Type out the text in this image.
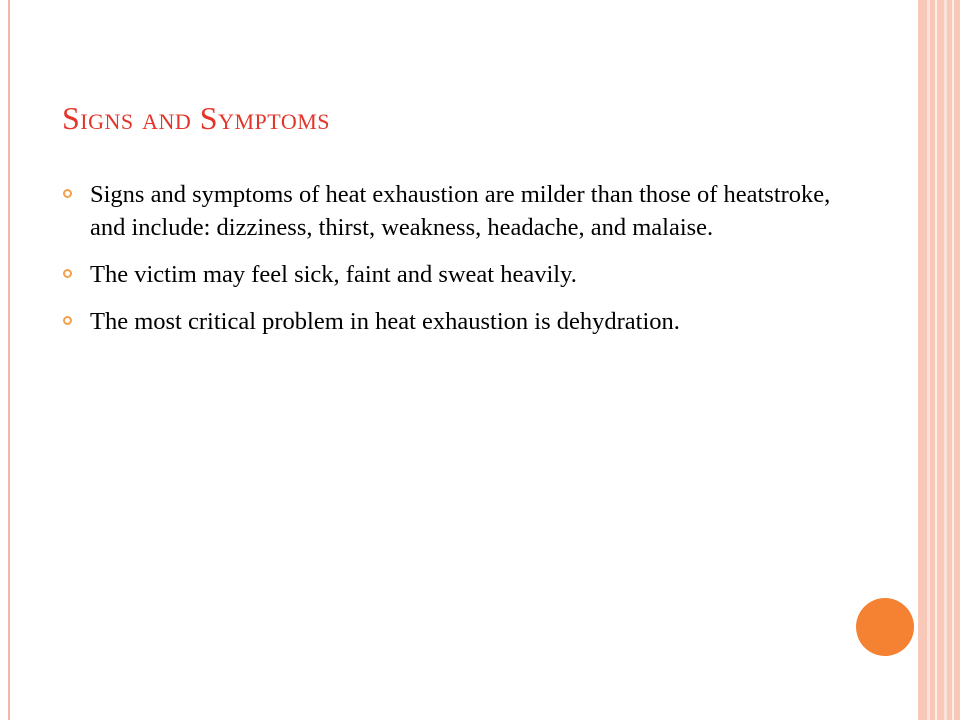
Signs and Symptoms
Signs and symptoms of heat exhaustion are milder than those of heatstroke, and include: dizziness, thirst, weakness, headache, and malaise.
The victim may feel sick, faint and sweat heavily.
The most critical problem in heat exhaustion is dehydration.
